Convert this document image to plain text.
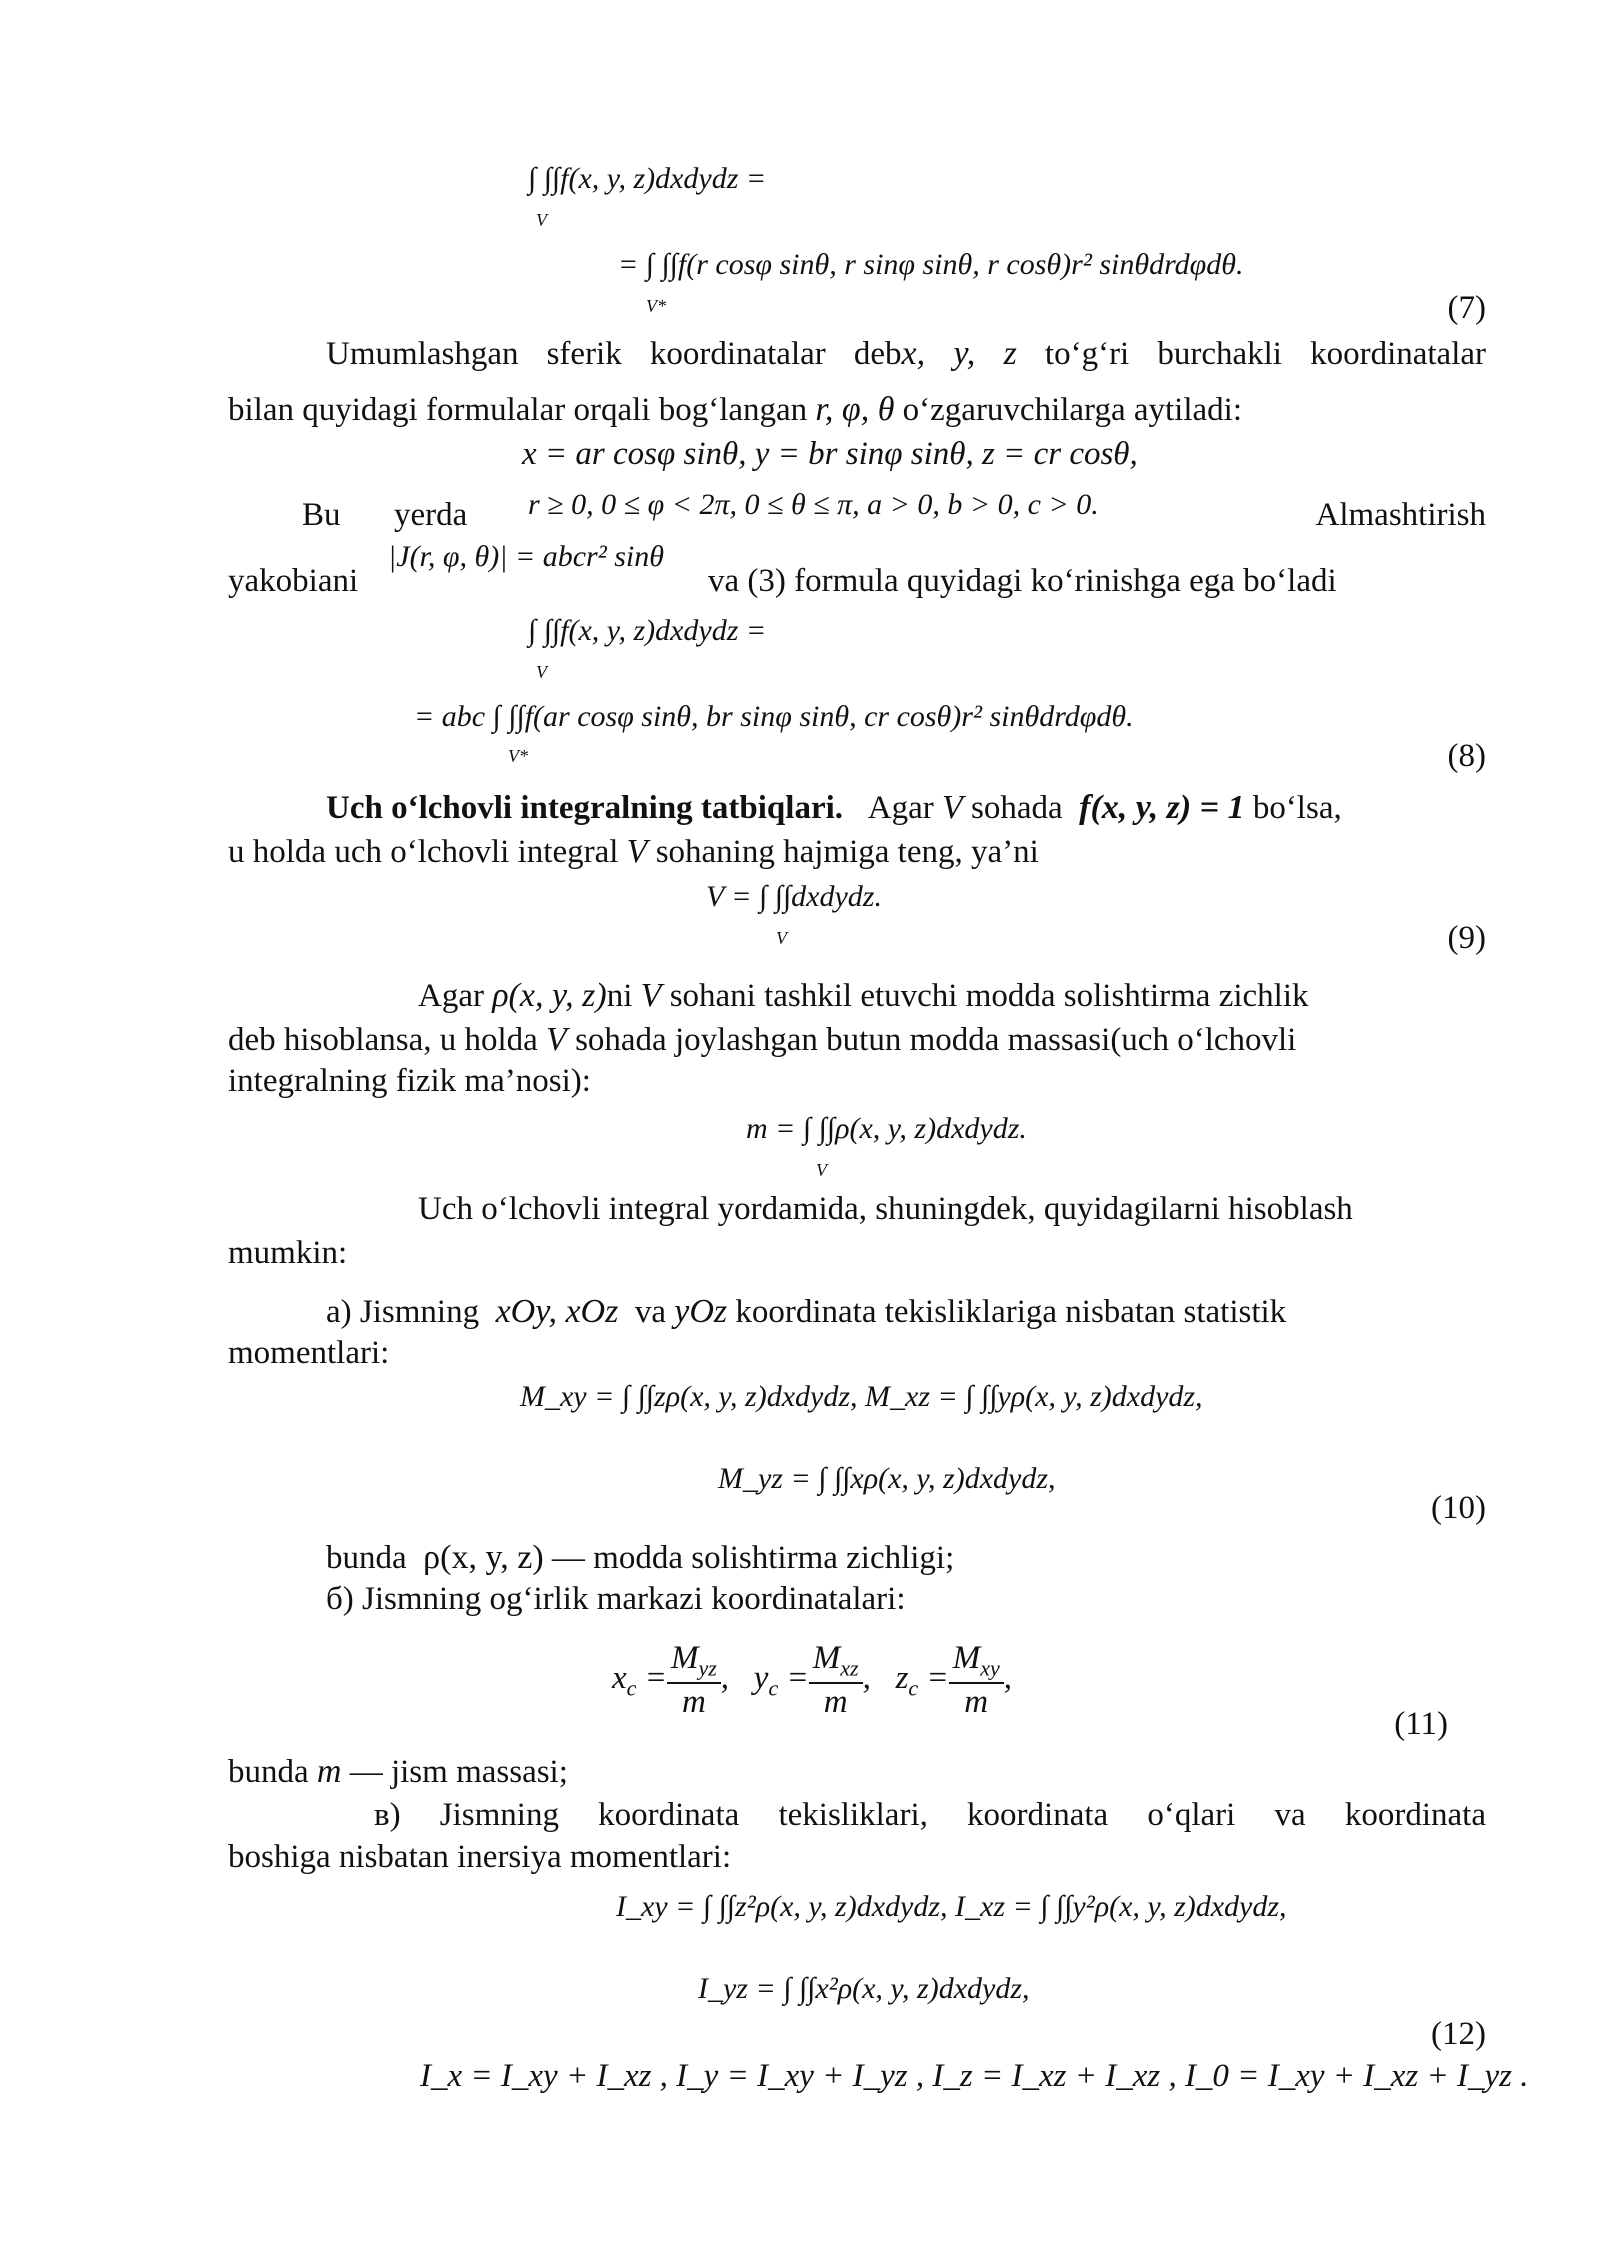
∫ ∫∫f(x, y, z)dxdydz =
V
= ∫ ∫∫f(r cosφ sinθ, r sinφ sinθ, r cosθ)r² sinθdrdφdθ.
V*	(7)
Umumlashgan sferik koordinatalar debx, y, z to‘g‘ri burchakli koordinatalar
bilan quyidagi formulalar orqali bog‘langan r, φ, θ o‘zgaruvchilarga aytiladi:
x = ar cosφ sinθ, y = br sinφ sinθ, z = cr cosθ,
Bu	yerda	r ≥ 0, 0 ≤ φ < 2π, 0 ≤ θ ≤ π, a > 0, b > 0, c > 0.	Almashtirish
yakobiani
|J(r, φ, θ)| = abcr² sinθ
va (3) formula quyidagi ko‘rinishga ega bo‘ladi
∫ ∫∫f(x, y, z)dxdydz =
V
= abc ∫ ∫∫f(ar cosφ sinθ, br sinφ sinθ, cr cosθ)r² sinθdrdφdθ.
V*	(8)
Uch o‘lchovli integralning tatbiqlari. Agar V sohada f(x, y, z) = 1 bo‘lsa,
u holda uch o‘lchovli integral V sohaning hajmiga teng, ya’ni
V = ∫ ∫∫dxdydz.
V	(9)
Agar ρ(x, y, z)ni V sohani tashkil etuvchi modda solishtirma zichlik
deb hisoblansa, u holda V sohada joylashgan butun modda massasi(uch o‘lchovli
integralning fizik ma’nosi):
m = ∫ ∫∫ρ(x, y, z)dxdydz.
V
Uch o‘lchovli integral yordamida, shuningdek, quyidagilarni hisoblash
mumkin:
a) Jismning xOy, xOz va yOz koordinata tekisliklariga nisbatan statistik
momentlari:
M_xy = ∫ ∫∫zρ(x, y, z)dxdydz, M_xz = ∫ ∫∫yρ(x, y, z)dxdydz,
M_yz = ∫ ∫∫xρ(x, y, z)dxdydz,
(10)
bunda ρ(x, y, z) — modda solishtirma zichligi;
б) Jismning og‘irlik markazi koordinatalari:
$x_c = \frac{M_{yz}}{m}$ ,   $y_c = \frac{M_{xz}}{m}$ ,   $z_c = \frac{M_{xy}}{m}$ ,
(11)
bunda m — jism massasi;
в) Jismning koordinata tekisliklari, koordinata o‘qlari va koordinata
boshiga nisbatan inersiya momentlari:
I_xy = ∫ ∫∫z²ρ(x, y, z)dxdydz, I_xz = ∫ ∫∫y²ρ(x, y, z)dxdydz,
I_yz = ∫ ∫∫x²ρ(x, y, z)dxdydz,
(12)
I_x = I_xy + I_xz , I_y = I_xy + I_yz , I_z = I_xz + I_xz , I_0 = I_xy + I_xz + I_yz .
